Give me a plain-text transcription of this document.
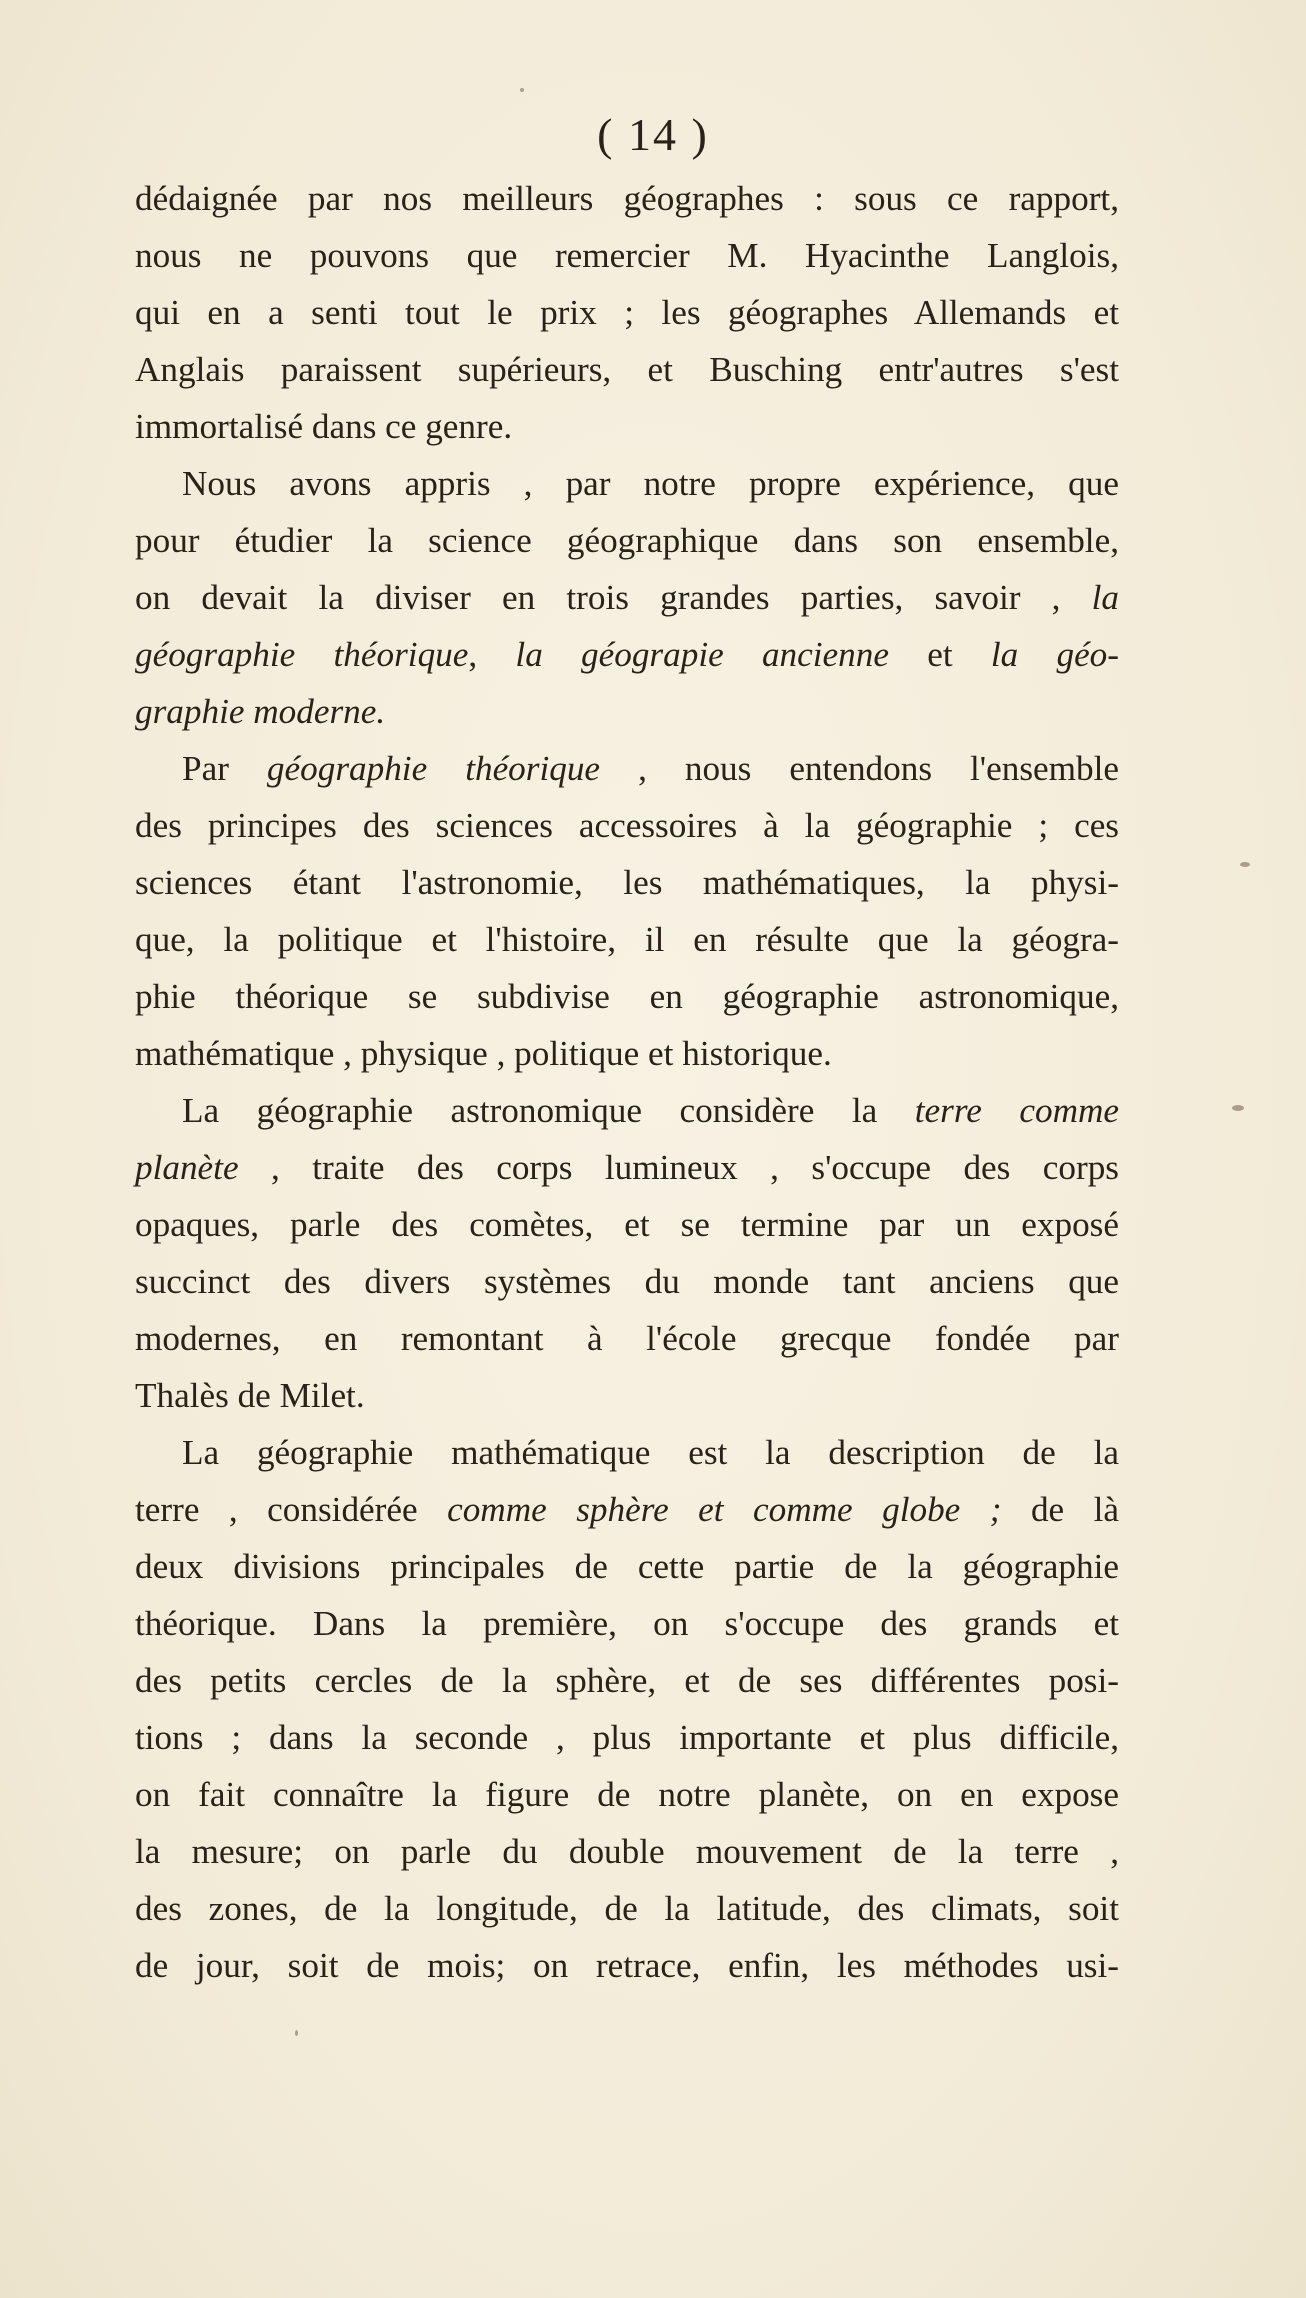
( 14 )
dédaignée par nos meilleurs géographes : sous ce rapport,
nous ne pouvons que remercier M. Hyacinthe Langlois,
qui en a senti tout le prix ; les géographes Allemands et
Anglais paraissent supérieurs, et Busching entr'autres s'est
immortalisé dans ce genre.
Nous avons appris , par notre propre expérience, que
pour étudier la science géographique dans son ensemble,
on devait la diviser en trois grandes parties, savoir , la
géographie théorique, la géograpie ancienne et la géo-
graphie moderne.
Par géographie théorique , nous entendons l'ensemble
des principes des sciences accessoires à la géographie ; ces
sciences étant l'astronomie, les mathématiques, la physi-
que, la politique et l'histoire, il en résulte que la géogra-
phie théorique se subdivise en géographie astronomique,
mathématique , physique , politique et historique.
La géographie astronomique considère la terre comme
planète , traite des corps lumineux , s'occupe des corps
opaques, parle des comètes, et se termine par un exposé
succinct des divers systèmes du monde tant anciens que
modernes, en remontant à l'école grecque fondée par
Thalès de Milet.
La géographie mathématique est la description de la
terre , considérée comme sphère et comme globe ; de là
deux divisions principales de cette partie de la géographie
théorique. Dans la première, on s'occupe des grands et
des petits cercles de la sphère, et de ses différentes posi-
tions ; dans la seconde , plus importante et plus difficile,
on fait connaître la figure de notre planète, on en expose
la mesure; on parle du double mouvement de la terre ,
des zones, de la longitude, de la latitude, des climats, soit
de jour, soit de mois; on retrace, enfin, les méthodes usi-
